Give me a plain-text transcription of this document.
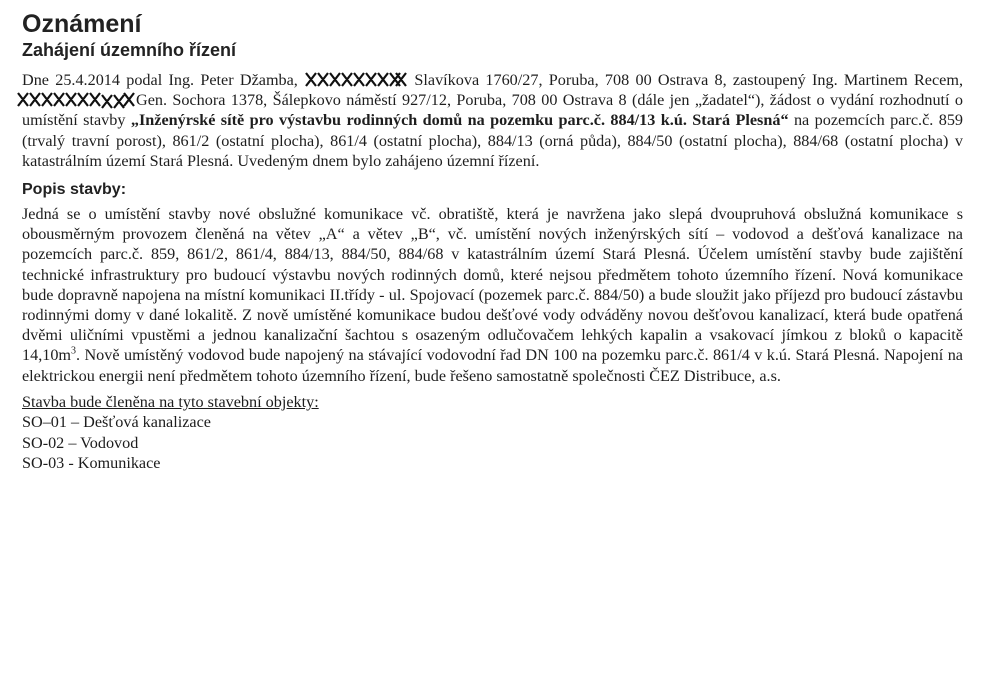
Oznámení
Zahájení územního řízení

Dne 25.4.2014 podal Ing. Peter Džamba,	Slavíkova 1760/27, Poruba, 708 00 Ostrava 8, zastoupený Ing. Martinem Recem,
Gen. Sochora 1378, Šálepkovo náměstí 927/12, Poruba, 708 00 Ostrava 8 (dále jen „žadatel“), žádost o vydání rozhodnutí o umístění stavby „Inženýrské sítě pro výstavbu rodinných domů na pozemku parc.č. 884/13 k.ú. Stará Plesná“ na pozemcích parc.č. 859 (trvalý travní porost), 861/2 (ostatní plocha), 861/4 (ostatní plocha), 884/13 (orná půda), 884/50 (ostatní plocha), 884/68 (ostatní plocha) v katastrálním území Stará Plesná. Uvedeným dnem bylo zahájeno územní řízení.

Popis stavby:

Jedná se o umístění stavby nové obslužné komunikace vč. obratiště, která je navržena jako slepá dvoupruhová obslužná komunikace s obousměrným provozem členěná na větev „A“ a větev „B“, vč. umístění nových inženýrských sítí – vodovod a dešťová kanalizace na pozemcích parc.č. 859, 861/2, 861/4, 884/13, 884/50, 884/68 v katastrálním území Stará Plesná. Účelem umístění stavby bude zajištění technické infrastruktury pro budoucí výstavbu nových rodinných domů, které nejsou předmětem tohoto územního řízení. Nová komunikace bude dopravně napojena na místní komunikaci II.třídy - ul. Spojovací (pozemek parc.č. 884/50) a bude sloužit jako příjezd pro budoucí zástavbu rodinnými domy v dané lokalitě. Z nově umístěné komunikace budou dešťové vody odváděny novou dešťovou kanalizací, která bude opatřená dvěmi uličními vpustěmi a jednou kanalizační šachtou s osazeným odlučovačem lehkých kapalin a vsakovací jímkou z bloků o kapacitě $14,10m^3$. Nově umístěný vodovod bude napojený na stávající vodovodní řad DN 100 na pozemku parc.č. 861/4 v k.ú. Stará Plesná. Napojení na elektrickou energii není předmětem tohoto územního řízení, bude řešeno samostatně společnosti ČEZ Distribuce, a.s.

Stavba bude členěna na tyto stavební objekty:

SO–01 – Dešťová kanalizace

SO-02 – Vodovod

SO-03 - Komunikace
